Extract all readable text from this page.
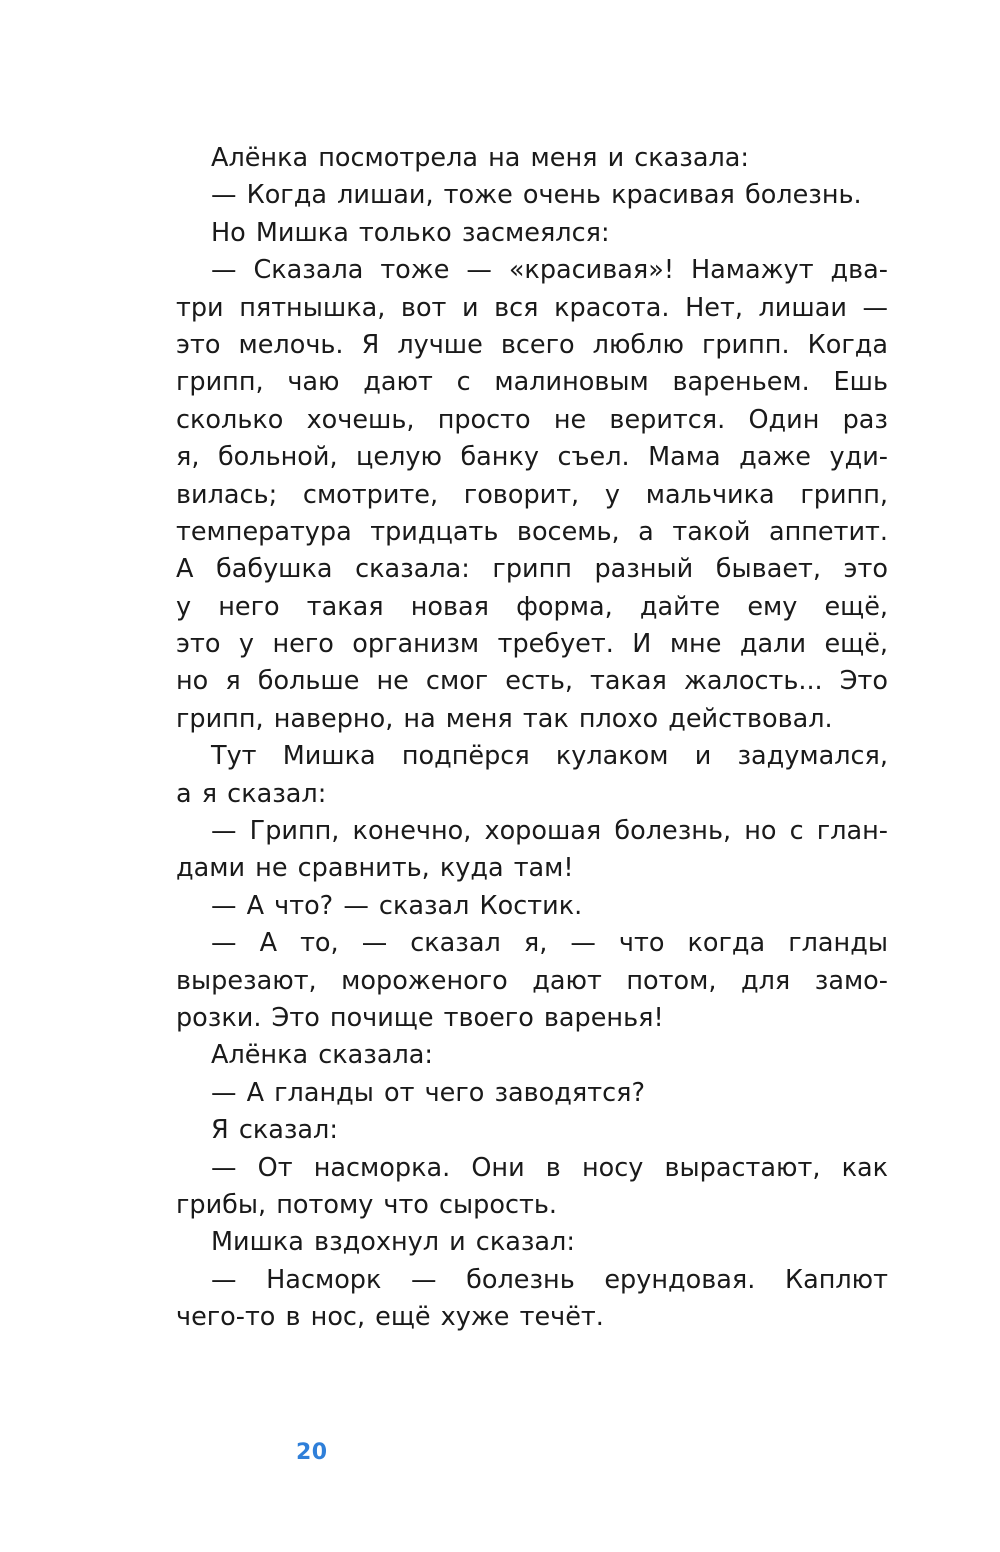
Алёнка посмотрела на меня и сказала:
— Когда лишаи, тоже очень красивая болезнь.
Но Мишка только засмеялся:
— Сказала тоже — «красивая»! Намажут два-
три пятнышка, вот и вся красота. Нет, лишаи —
это мелочь. Я лучше всего люблю грипп. Когда
грипп, чаю дают с малиновым вареньем. Ешь
сколько хочешь, просто не верится. Один раз
я, больной, целую банку съел. Мама даже уди-
вилась; смотрите, говорит, у мальчика грипп,
температура тридцать восемь, а такой аппетит.
А бабушка сказала: грипп разный бывает, это
у него такая новая форма, дайте ему ещё,
это у него организм требует. И мне дали ещё,
но я больше не смог есть, такая жалость... Это
грипп, наверно, на меня так плохо действовал.
Тут Мишка подпёрся кулаком и задумался,
а я сказал:
— Грипп, конечно, хорошая болезнь, но с глан-
дами не сравнить, куда там!
— А что? — сказал Костик.
— А то, — сказал я, — что когда гланды
вырезают, мороженого дают потом, для замо-
розки. Это почище твоего варенья!
Алёнка сказала:
— А гланды от чего заводятся?
Я сказал:
— От насморка. Они в носу вырастают, как
грибы, потому что сырость.
Мишка вздохнул и сказал:
— Насморк — болезнь ерундовая. Каплют
чего-то в нос, ещё хуже течёт.
20
